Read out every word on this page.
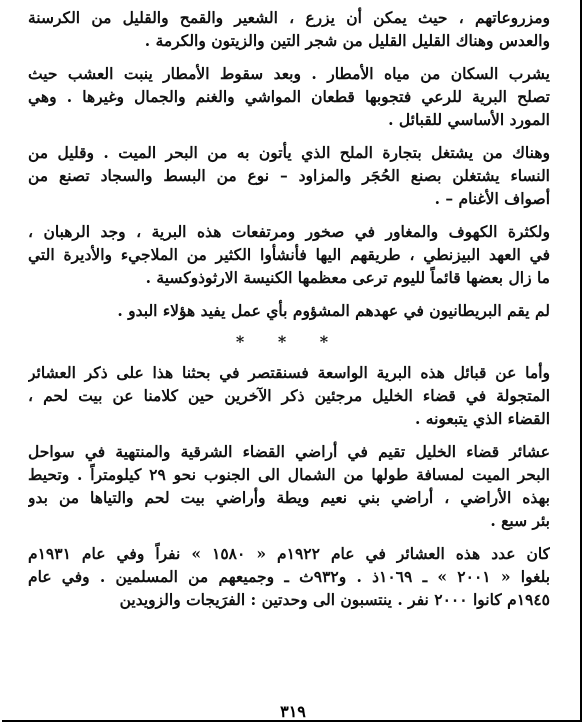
ومزروعاتهم ، حيث يمكن أن يزرع ، الشعير والقمح والقليل من الكرسنة
والعدس وهناك القليل القليل من شجر التين والزيتون والكرمة .
يشرب السكان من مياه الأمطار . وبعد سقوط الأمطار ينبت العشب حيث
تصلح البرية للرعي فتجوبها قطعان المواشي والغنم والجمال وغيرها . وهي
المورد الأساسي للقبائل .
وهناك من يشتغل بتجارة الملح الذي يأتون به من البحر الميت . وقليل من
النساء يشتغلن بصنع الحُجَر والمزاود – نوع من البسط والسجاد تصنع من
أصواف الأغنام – .
ولكثرة الكهوف والمغاور في صخور ومرتفعات هذه البرية ، وجد الرهبان ،
في العهد البيزنطي ، طريقهم اليها فأنشأوا الكثير من الملاجيء والأديرة التي
ما زال بعضها قائماً لليوم ترعى معظمها الكنيسة الارثوذوكسية .
لم يقم البريطانيون في عهدهم المشؤوم بأي عمل يفيد هؤلاء البدو .
* * *
وأما عن قبائل هذه البرية الواسعة فسنقتصر في بحثنا هذا على ذكر العشائر
المتجولة في قضاء الخليل مرجئين ذكر الآخرين حين كلامنا عن بيت لحم ،
القضاء الذي يتبعونه .
عشائر قضاء الخليل تقيم في أراضي القضاء الشرقية والمنتهية في سواحل
البحر الميت لمسافة طولها من الشمال الى الجنوب نحو ٢٩ كيلومتراً . وتحيط
بهذه الأراضي ، أراضي بني نعيم ويطة وأراضي بيت لحم والتياها من بدو
بئر سبع .
كان عدد هذه العشائر في عام ١٩٢٢م « ١٥٨٠ » نفراً وفي عام ١٩٣١م
بلغوا « ٢٠٠١ » ـ ١٠٦٩ذ . و٩٣٢ث ـ وجميعهم من المسلمين . وفي عام
١٩٤٥م كانوا ٢٠٠٠ نفر . ينتسبون الى وحدتين : الفرَيجات والزويدين
٣١٩
